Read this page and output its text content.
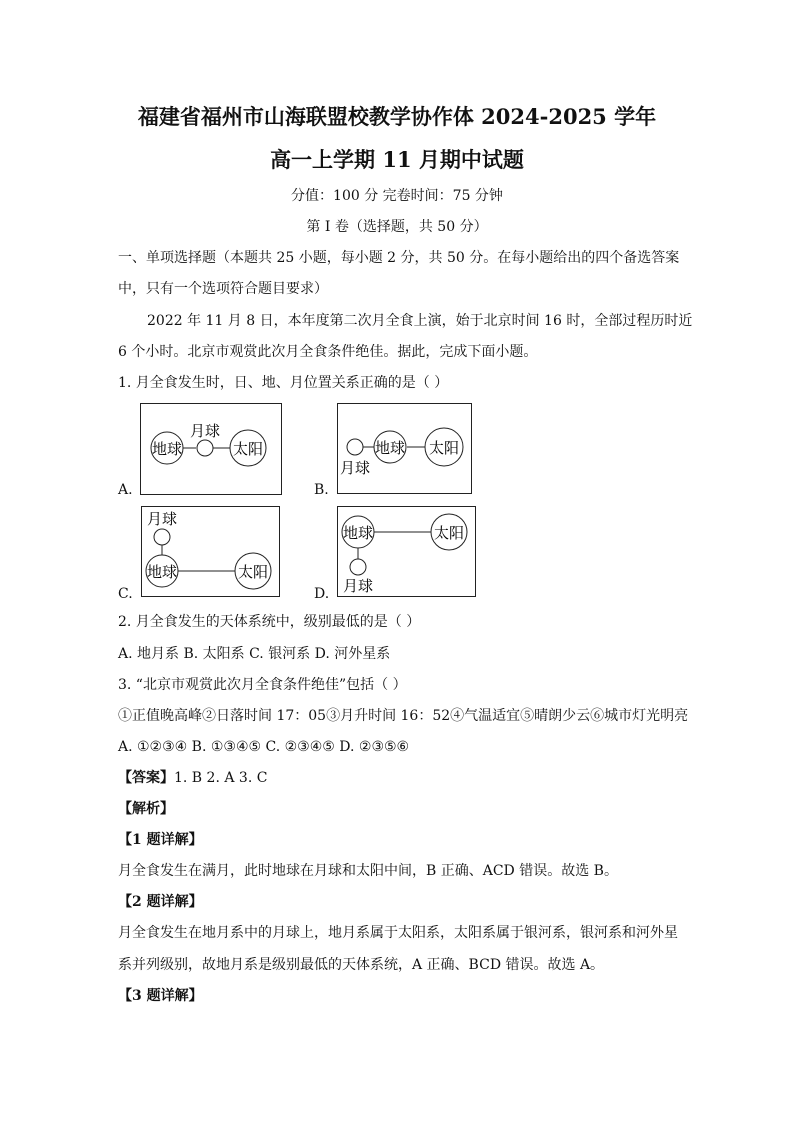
福建省福州市山海联盟校教学协作体 2024-2025 学年
高一上学期 11 月期中试题
分值：100 分 完卷时间：75 分钟
第 I 卷（选择题，共 50 分）
一、单项选择题（本题共 25 小题，每小题 2 分，共 50 分。在每小题给出的四个备选答案
中，只有一个选项符合题目要求）
2022 年 11 月 8 日，本年度第二次月全食上演，始于北京时间 16 时，全部过程历时近
6 个小时。北京市观赏此次月全食条件绝佳。据此，完成下面小题。
1. 月全食发生时，日、地、月位置关系正确的是（ ）
地球
月球
太阳
A.
地球
月球
太阳
B.
地球
月球
太阳
C.
地球
月球
太阳
D.
2. 月全食发生的天体系统中，级别最低的是（ ）
A. 地月系 B. 太阳系 C. 银河系 D. 河外星系
3. “北京市观赏此次月全食条件绝佳”包括（ ）
①正值晚高峰②日落时间 17：05③月升时间 16：52④气温适宜⑤晴朗少云⑥城市灯光明亮
A. ①②③④ B. ①③④⑤ C. ②③④⑤ D. ②③⑤⑥
【答案】1. B 2. A 3. C
【解析】
【1 题详解】
月全食发生在满月，此时地球在月球和太阳中间，B 正确、ACD 错误。故选 B。
【2 题详解】
月全食发生在地月系中的月球上，地月系属于太阳系，太阳系属于银河系，银河系和河外星
系并列级别，故地月系是级别最低的天体系统，A 正确、BCD 错误。故选 A。
【3 题详解】
